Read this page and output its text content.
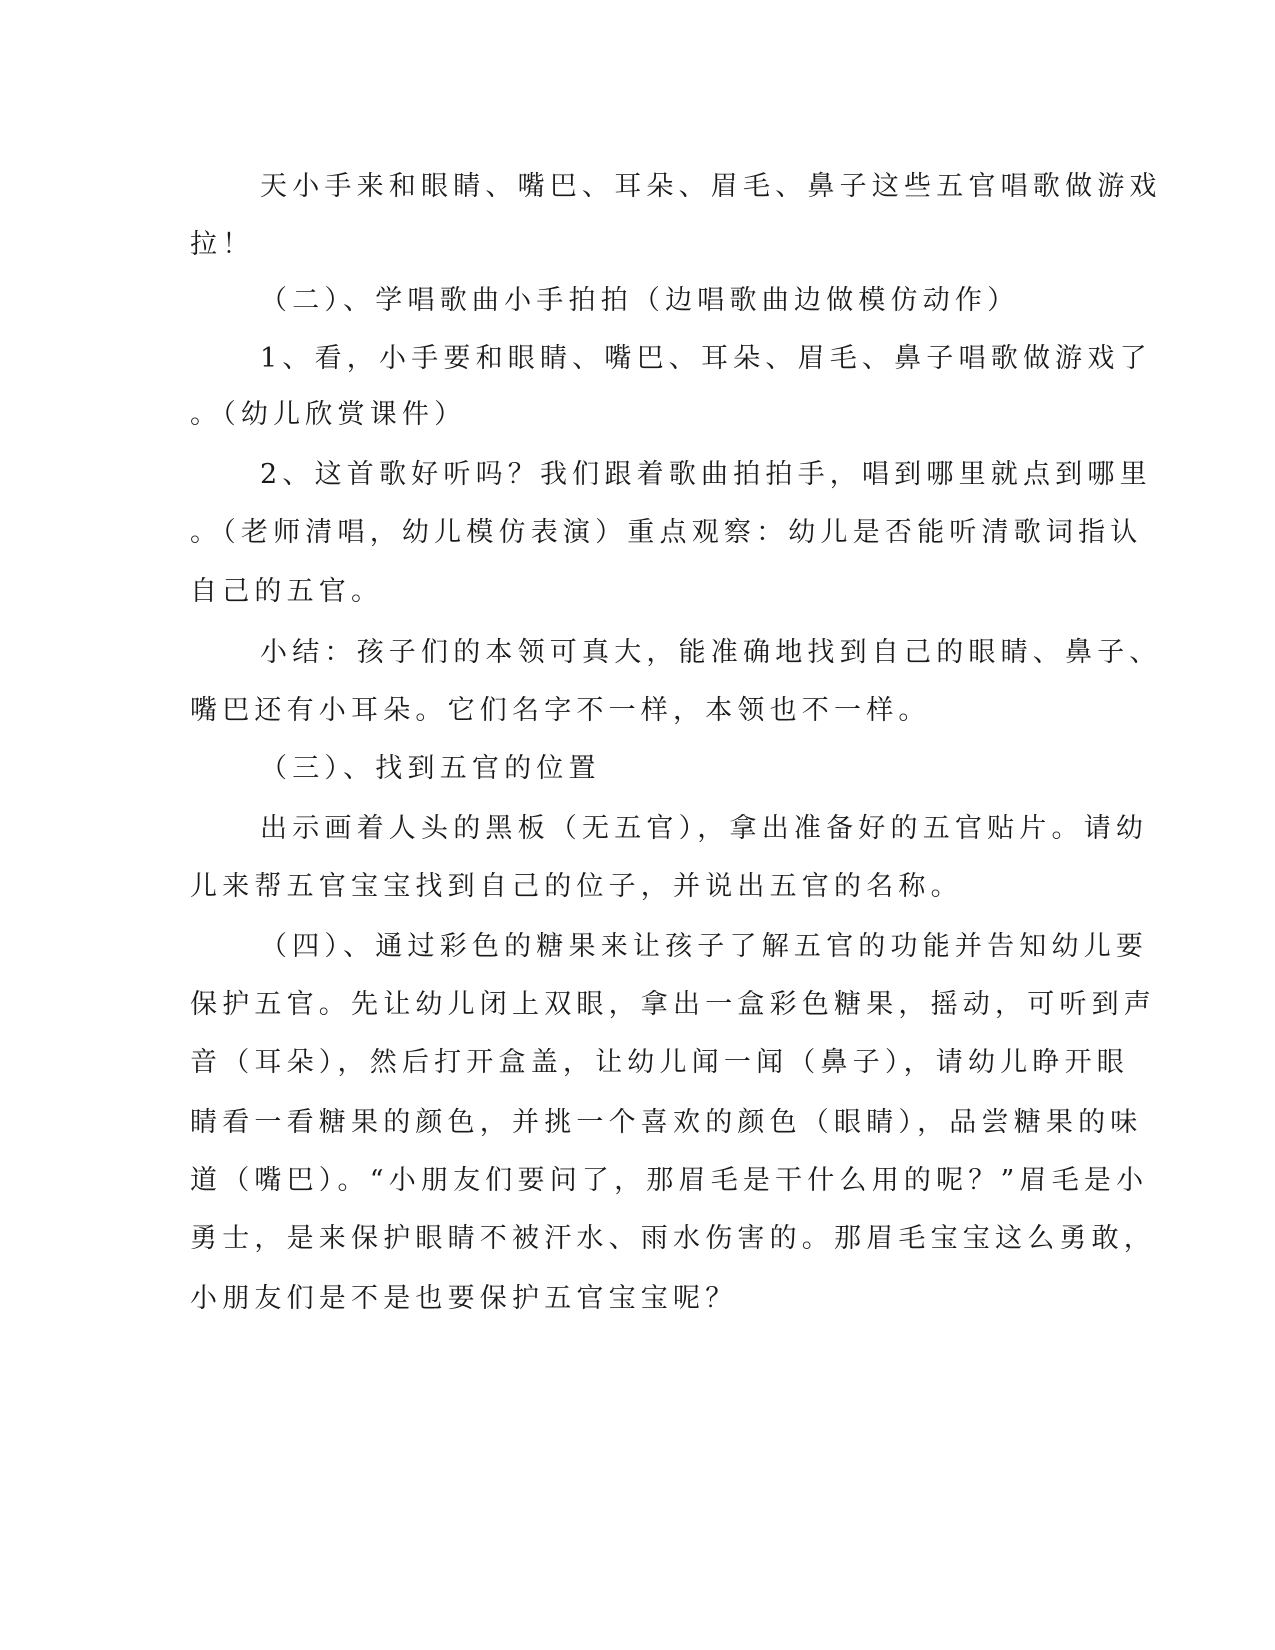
天小手来和眼睛、嘴巴、耳朵、眉毛、鼻子这些五官唱歌做游戏
拉！
（二）、学唱歌曲小手拍拍（边唱歌曲边做模仿动作）
1、看，小手要和眼睛、嘴巴、耳朵、眉毛、鼻子唱歌做游戏了
。（幼儿欣赏课件）
2、这首歌好听吗？我们跟着歌曲拍拍手，唱到哪里就点到哪里
。（老师清唱，幼儿模仿表演）重点观察：幼儿是否能听清歌词指认
自己的五官。
小结：孩子们的本领可真大，能准确地找到自己的眼睛、鼻子、
嘴巴还有小耳朵。它们名字不一样，本领也不一样。
（三）、找到五官的位置
出示画着人头的黑板（无五官），拿出准备好的五官贴片。请幼
儿来帮五官宝宝找到自己的位子，并说出五官的名称。
（四）、通过彩色的糖果来让孩子了解五官的功能并告知幼儿要
保护五官。先让幼儿闭上双眼，拿出一盒彩色糖果，摇动，可听到声
音（耳朵），然后打开盒盖，让幼儿闻一闻（鼻子），请幼儿睁开眼
睛看一看糖果的颜色，并挑一个喜欢的颜色（眼睛），品尝糖果的味
道（嘴巴）。“小朋友们要问了，那眉毛是干什么用的呢？”眉毛是小
勇士，是来保护眼睛不被汗水、雨水伤害的。那眉毛宝宝这么勇敢，
小朋友们是不是也要保护五官宝宝呢？
